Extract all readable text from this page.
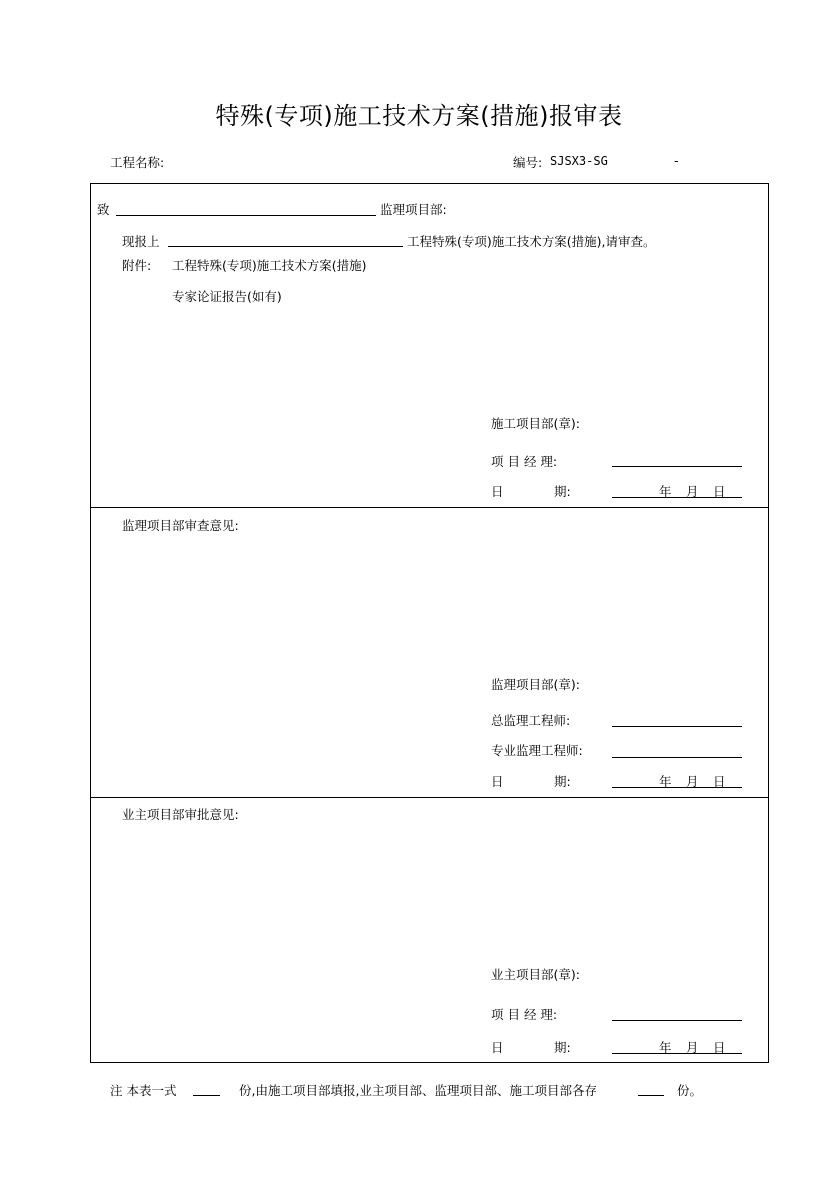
特殊(专项)施工技术方案(措施)报审表
工程名称:	编号: SJSX3-SG	-
致	监理项目部:
现报上	工程特殊(专项)施工技术方案(措施),请审查。
附件: 工程特殊(专项)施工技术方案(措施)
专家论证报告(如有)
施工项目部(章):
项 目 经 理:
日	期:	年 月 日
监理项目部审查意见:
监理项目部(章):
总监理工程师:
专业监理工程师:
日	期:	年 月 日
业主项目部审批意见:
业主项目部(章):
项 目 经 理:
日	期:	年 月 日
注 本表一式	份,由施工项目部填报,业主项目部、监理项目部、施工项目部各存	份。
